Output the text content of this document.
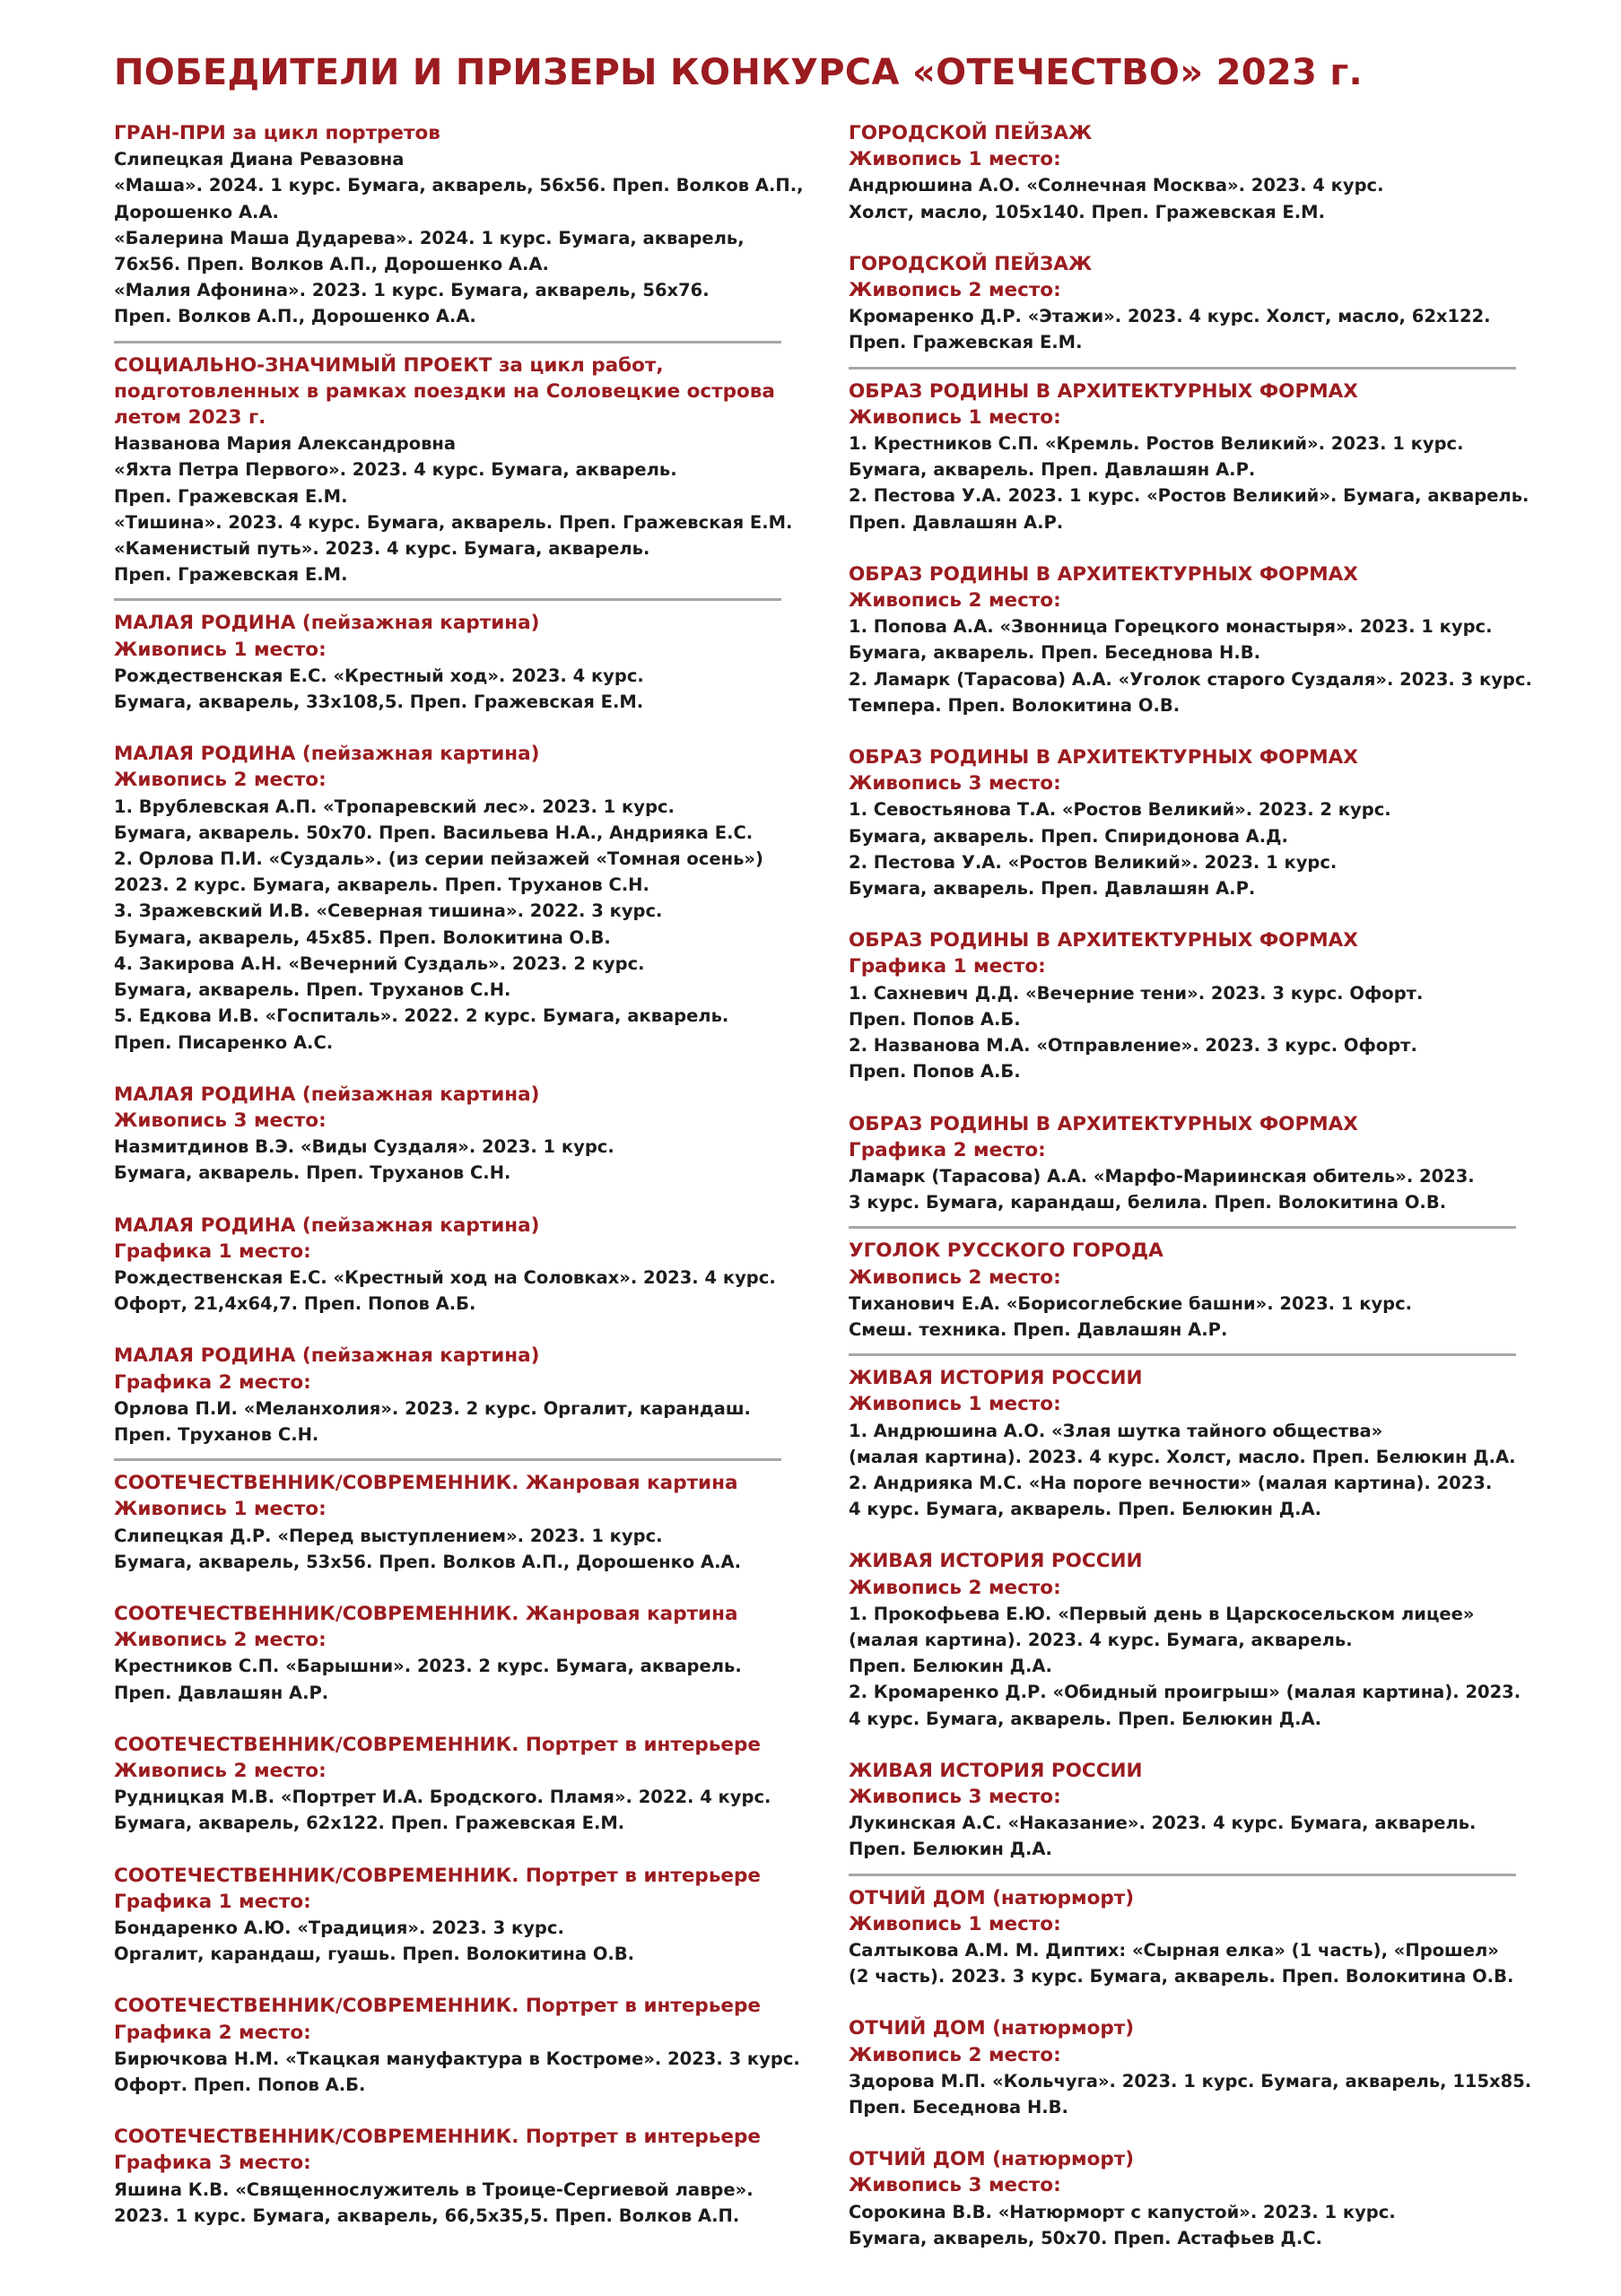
ПОБЕДИТЕЛИ И ПРИЗЕРЫ КОНКУРСА «ОТЕЧЕСТВО» 2023 г.
ГРАН-ПРИ за цикл портретов
Слипецкая Диана Ревазовна
«Маша». 2024. 1 курс. Бумага, акварель, 56х56. Преп. Волков А.П.,
Дорошенко А.А.
«Балерина Маша Дударева». 2024. 1 курс. Бумага, акварель,
76х56. Преп. Волков А.П., Дорошенко А.А.
«Малия Афонина». 2023. 1 курс. Бумага, акварель, 56х76.
Преп. Волков А.П., Дорошенко А.А.
СОЦИАЛЬНО-ЗНАЧИМЫЙ ПРОЕКТ за цикл работ,
подготовленных в рамках поездки на Соловецкие острова
летом 2023 г.
Названова Мария Александровна
«Яхта Петра Первого». 2023. 4 курс. Бумага, акварель.
Преп. Гражевская Е.М.
«Тишина». 2023. 4 курс. Бумага, акварель. Преп. Гражевская Е.М.
«Каменистый путь». 2023. 4 курс. Бумага, акварель.
Преп. Гражевская Е.М.
МАЛАЯ РОДИНА (пейзажная картина)
Живопись 1 место:
Рождественская Е.С. «Крестный ход». 2023. 4 курс.
Бумага, акварель, 33х108,5. Преп. Гражевская Е.М.
МАЛАЯ РОДИНА (пейзажная картина)
Живопись 2 место:
1. Врублевская А.П. «Тропаревский лес». 2023. 1 курс.
Бумага, акварель. 50х70. Преп. Васильева Н.А., Андрияка Е.С.
2. Орлова П.И. «Суздаль». (из серии пейзажей «Томная осень»)
2023. 2 курс. Бумага, акварель. Преп. Труханов С.Н.
3. Зражевский И.В. «Северная тишина». 2022. 3 курс.
Бумага, акварель, 45х85. Преп. Волокитина О.В.
4. Закирова А.Н. «Вечерний Суздаль». 2023. 2 курс.
Бумага, акварель. Преп. Труханов С.Н.
5. Едкова И.В. «Госпиталь». 2022. 2 курс. Бумага, акварель.
Преп. Писаренко А.С.
МАЛАЯ РОДИНА (пейзажная картина)
Живопись 3 место:
Назмитдинов В.Э. «Виды Суздаля». 2023. 1 курс.
Бумага, акварель. Преп. Труханов С.Н.
МАЛАЯ РОДИНА (пейзажная картина)
Графика 1 место:
Рождественская Е.С. «Крестный ход на Соловках». 2023. 4 курс.
Офорт, 21,4х64,7. Преп. Попов А.Б.
МАЛАЯ РОДИНА (пейзажная картина)
Графика 2 место:
Орлова П.И. «Меланхолия». 2023. 2 курс. Оргалит, карандаш.
Преп. Труханов С.Н.
СООТЕЧЕСТВЕННИК/СОВРЕМЕННИК. Жанровая картина
Живопись 1 место:
Слипецкая Д.Р. «Перед выступлением». 2023. 1 курс.
Бумага, акварель, 53х56. Преп. Волков А.П., Дорошенко А.А.
СООТЕЧЕСТВЕННИК/СОВРЕМЕННИК. Жанровая картина
Живопись 2 место:
Крестников С.П. «Барышни». 2023. 2 курс. Бумага, акварель.
Преп. Давлашян А.Р.
СООТЕЧЕСТВЕННИК/СОВРЕМЕННИК. Портрет в интерьере
Живопись 2 место:
Рудницкая М.В. «Портрет И.А. Бродского. Пламя». 2022. 4 курс.
Бумага, акварель, 62х122. Преп. Гражевская Е.М.
СООТЕЧЕСТВЕННИК/СОВРЕМЕННИК. Портрет в интерьере
Графика 1 место:
Бондаренко А.Ю. «Традиция». 2023. 3 курс.
Оргалит, карандаш, гуашь. Преп. Волокитина О.В.
СООТЕЧЕСТВЕННИК/СОВРЕМЕННИК. Портрет в интерьере
Графика 2 место:
Бирючкова Н.М. «Ткацкая мануфактура в Костроме». 2023. 3 курс.
Офорт. Преп. Попов А.Б.
СООТЕЧЕСТВЕННИК/СОВРЕМЕННИК. Портрет в интерьере
Графика 3 место:
Яшина К.В. «Священнослужитель в Троице-Сергиевой лавре».
2023. 1 курс. Бумага, акварель, 66,5х35,5. Преп. Волков А.П.
ГОРОДСКОЙ ПЕЙЗАЖ
Живопись 1 место:
Андрюшина А.О. «Солнечная Москва». 2023. 4 курс.
Холст, масло, 105х140. Преп. Гражевская Е.М.
ГОРОДСКОЙ ПЕЙЗАЖ
Живопись 2 место:
Кромаренко Д.Р. «Этажи». 2023. 4 курс. Холст, масло, 62х122.
Преп. Гражевская Е.М.
ОБРАЗ РОДИНЫ В АРХИТЕКТУРНЫХ ФОРМАХ
Живопись 1 место:
1. Крестников С.П. «Кремль. Ростов Великий». 2023. 1 курс.
Бумага, акварель. Преп. Давлашян А.Р.
2. Пестова У.А. 2023. 1 курс. «Ростов Великий». Бумага, акварель.
Преп. Давлашян А.Р.
ОБРАЗ РОДИНЫ В АРХИТЕКТУРНЫХ ФОРМАХ
Живопись 2 место:
1. Попова А.А. «Звонница Горецкого монастыря». 2023. 1 курс.
Бумага, акварель. Преп. Беседнова Н.В.
2. Ламарк (Тарасова) А.А. «Уголок старого Суздаля». 2023. 3 курс.
Темпера. Преп. Волокитина О.В.
ОБРАЗ РОДИНЫ В АРХИТЕКТУРНЫХ ФОРМАХ
Живопись 3 место:
1. Севостьянова Т.А. «Ростов Великий». 2023. 2 курс.
Бумага, акварель. Преп. Спиридонова А.Д.
2. Пестова У.А. «Ростов Великий». 2023. 1 курс.
Бумага, акварель. Преп. Давлашян А.Р.
ОБРАЗ РОДИНЫ В АРХИТЕКТУРНЫХ ФОРМАХ
Графика 1 место:
1. Сахневич Д.Д. «Вечерние тени». 2023. 3 курс. Офорт.
Преп. Попов А.Б.
2. Названова М.А. «Отправление». 2023. 3 курс. Офорт.
Преп. Попов А.Б.
ОБРАЗ РОДИНЫ В АРХИТЕКТУРНЫХ ФОРМАХ
Графика 2 место:
Ламарк (Тарасова) А.А. «Марфо-Мариинская обитель». 2023.
3 курс. Бумага, карандаш, белила. Преп. Волокитина О.В.
УГОЛОК РУССКОГО ГОРОДА
Живопись 2 место:
Тиханович Е.А. «Борисоглебские башни». 2023. 1 курс.
Смеш. техника. Преп. Давлашян А.Р.
ЖИВАЯ ИСТОРИЯ РОССИИ
Живопись 1 место:
1. Андрюшина А.О. «Злая шутка тайного общества»
(малая картина). 2023. 4 курс. Холст, масло. Преп. Белюкин Д.А.
2. Андрияка М.С. «На пороге вечности» (малая картина). 2023.
4 курс. Бумага, акварель. Преп. Белюкин Д.А.
ЖИВАЯ ИСТОРИЯ РОССИИ
Живопись 2 место:
1. Прокофьева Е.Ю. «Первый день в Царскосельском лицее»
(малая картина). 2023. 4 курс. Бумага, акварель.
Преп. Белюкин Д.А.
2. Кромаренко Д.Р. «Обидный проигрыш» (малая картина). 2023.
4 курс. Бумага, акварель. Преп. Белюкин Д.А.
ЖИВАЯ ИСТОРИЯ РОССИИ
Живопись 3 место:
Лукинская А.С. «Наказание». 2023. 4 курс. Бумага, акварель.
Преп. Белюкин Д.А.
ОТЧИЙ ДОМ (натюрморт)
Живопись 1 место:
Салтыкова А.М. М. Диптих: «Сырная елка» (1 часть), «Прошел»
(2 часть). 2023. 3 курс. Бумага, акварель. Преп. Волокитина О.В.
ОТЧИЙ ДОМ (натюрморт)
Живопись 2 место:
Здорова М.П. «Кольчуга». 2023. 1 курс. Бумага, акварель, 115х85.
Преп. Беседнова Н.В.
ОТЧИЙ ДОМ (натюрморт)
Живопись 3 место:
Сорокина В.В. «Натюрморт с капустой». 2023. 1 курс.
Бумага, акварель, 50х70. Преп. Астафьев Д.С.
